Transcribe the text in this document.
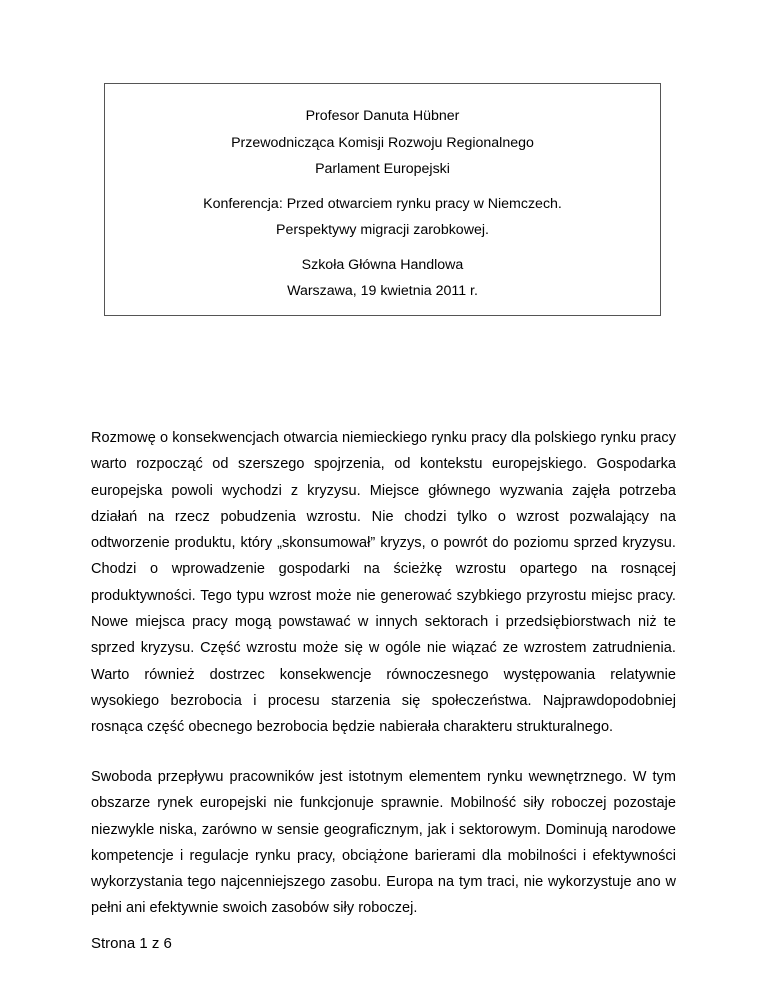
Profesor Danuta Hübner
Przewodnicząca Komisji Rozwoju Regionalnego
Parlament Europejski
Konferencja: Przed otwarciem rynku pracy w Niemczech.
Perspektywy migracji zarobkowej.
Szkoła Główna Handlowa
Warszawa, 19 kwietnia 2011 r.

Rozmowę o konsekwencjach otwarcia niemieckiego rynku pracy dla polskiego rynku pracy warto rozpocząć od szerszego spojrzenia, od kontekstu europejskiego. Gospodarka europejska powoli wychodzi z kryzysu. Miejsce głównego wyzwania zajęła potrzeba działań na rzecz pobudzenia wzrostu. Nie chodzi tylko o wzrost pozwalający na odtworzenie produktu, który „skonsumował” kryzys, o powrót do poziomu sprzed kryzysu. Chodzi o wprowadzenie gospodarki na ścieżkę wzrostu opartego na rosnącej produktywności. Tego typu wzrost może nie generować szybkiego przyrostu miejsc pracy. Nowe miejsca pracy mogą powstawać w innych sektorach i przedsiębiorstwach niż te sprzed kryzysu. Część wzrostu może się w ogóle nie wiązać ze wzrostem zatrudnienia. Warto również dostrzec konsekwencje równoczesnego występowania relatywnie wysokiego bezrobocia i procesu starzenia się społeczeństwa. Najprawdopodobniej rosnąca część obecnego bezrobocia będzie nabierała charakteru strukturalnego.

Swoboda przepływu pracowników jest istotnym elementem rynku wewnętrznego. W tym obszarze rynek europejski nie funkcjonuje sprawnie. Mobilność siły roboczej pozostaje niezwykle niska, zarówno w sensie geograficznym, jak i sektorowym. Dominują narodowe kompetencje i regulacje rynku pracy, obciążone barierami dla mobilności i efektywności wykorzystania tego najcenniejszego zasobu. Europa na tym traci, nie wykorzystuje ano w pełni ani efektywnie swoich zasobów siły roboczej.

Strona 1 z 6
